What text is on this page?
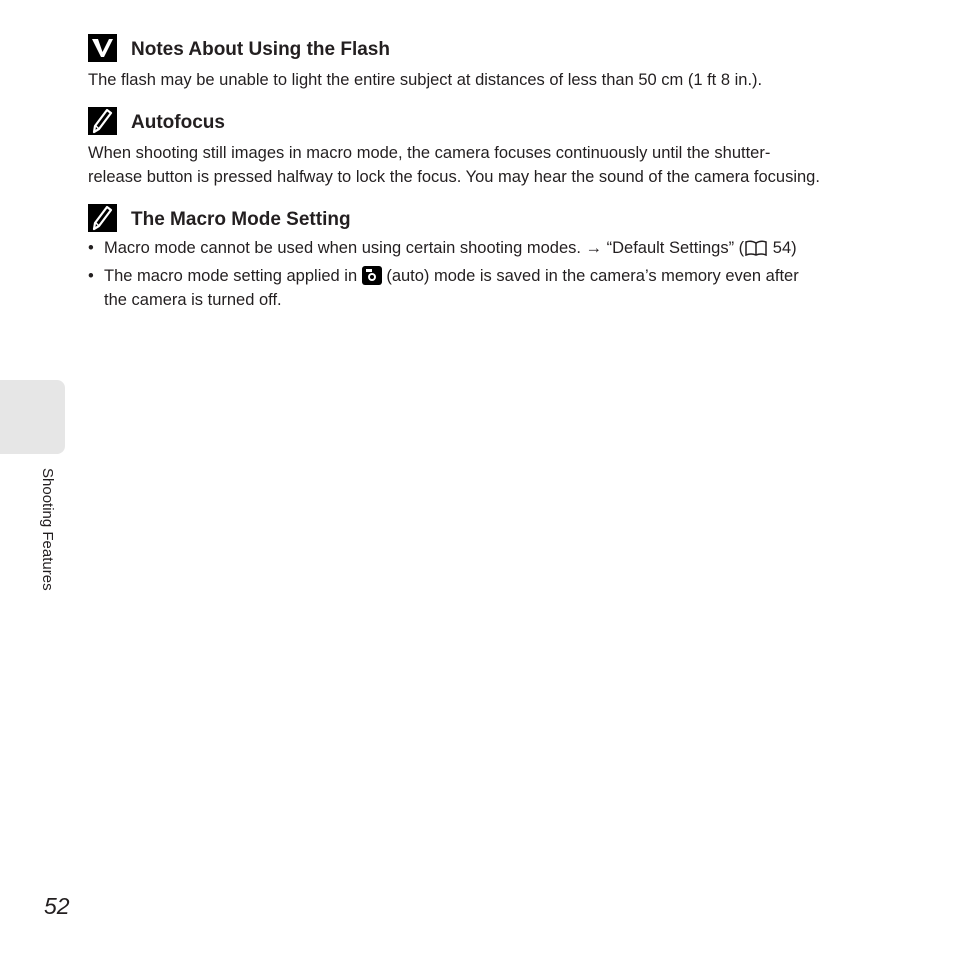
Notes About Using the Flash

The flash may be unable to light the entire subject at distances of less than 50 cm (1 ft 8 in.).

Autofocus

When shooting still images in macro mode, the camera focuses continuously until the shutter-

release button is pressed halfway to lock the focus. You may hear the sound of the camera focusing.

The Macro Mode Setting
• Macro mode cannot be used when using certain shooting modes. → “Default Settings” ( 54)
• The macro mode setting applied in  (auto) mode is saved in the camera’s memory even after
the camera is turned off.
Shooting Features
52
